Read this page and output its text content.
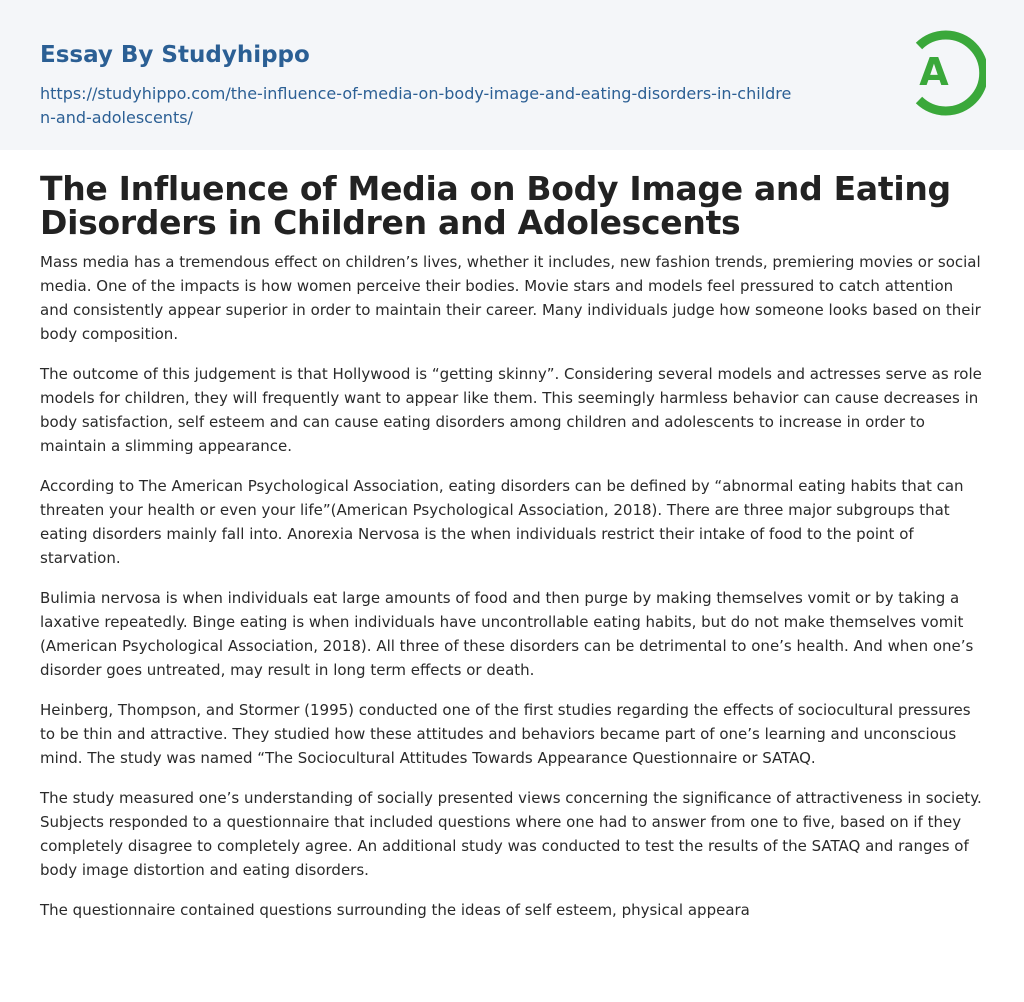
Essay By Studyhippo
https://studyhippo.com/the-influence-of-media-on-body-image-and-eating-disorders-in-children-and-adolescents/
A
The Influence of Media on Body Image and Eating Disorders in Children and Adolescents

Mass media has a tremendous effect on children’s lives, whether it includes, new fashion trends, premiering movies or social media. One of the impacts is how women perceive their bodies. Movie stars and models feel pressured to catch attention and consistently appear superior in order to maintain their career. Many individuals judge how someone looks based on their body composition.

The outcome of this judgement is that Hollywood is “getting skinny”. Considering several models and actresses serve as role models for children, they will frequently want to appear like them. This seemingly harmless behavior can cause decreases in body satisfaction, self esteem and can cause eating disorders among children and adolescents to increase in order to maintain a slimming appearance.

According to The American Psychological Association, eating disorders can be defined by “abnormal eating habits that can threaten your health or even your life”(American Psychological Association, 2018). There are three major subgroups that eating disorders mainly fall into. Anorexia Nervosa is the when individuals restrict their intake of food to the point of starvation.

Bulimia nervosa is when individuals eat large amounts of food and then purge by making themselves vomit or by taking a laxative repeatedly. Binge eating is when individuals have uncontrollable eating habits, but do not make themselves vomit (American Psychological Association, 2018). All three of these disorders can be detrimental to one’s health. And when one’s disorder goes untreated, may result in long term effects or death.

Heinberg, Thompson, and Stormer (1995) conducted one of the first studies regarding the effects of sociocultural pressures to be thin and attractive. They studied how these attitudes and behaviors became part of one’s learning and unconscious mind. The study was named “The Sociocultural Attitudes Towards Appearance Questionnaire or SATAQ.

The study measured one’s understanding of socially presented views concerning the significance of attractiveness in society. Subjects responded to a questionnaire that included questions where one had to answer from one to five, based on if they completely disagree to completely agree. An additional study was conducted to test the results of the SATAQ and ranges of body image distortion and eating disorders.

The questionnaire contained questions surrounding the ideas of self esteem, physical appeara
